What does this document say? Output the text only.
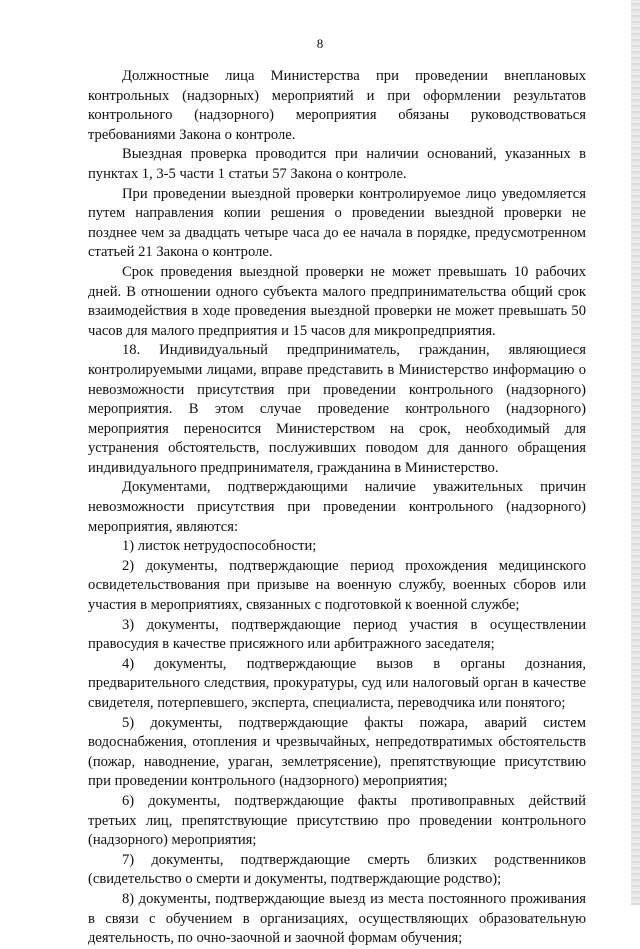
8

Должностные лица Министерства при проведении внеплановых контрольных (надзорных) мероприятий и при оформлении результатов контрольного (надзорного) мероприятия обязаны руководствоваться требованиями Закона о контроле.

Выездная проверка проводится при наличии оснований, указанных в пунктах 1, 3-5 части 1 статьи 57 Закона о контроле.

При проведении выездной проверки контролируемое лицо уведомляется путем направления копии решения о проведении выездной проверки не позднее чем за двадцать четыре часа до ее начала в порядке, предусмотренном статьей 21 Закона о контроле.

Срок проведения выездной проверки не может превышать 10 рабочих дней. В отношении одного субъекта малого предпринимательства общий срок взаимодействия в ходе проведения выездной проверки не может превышать 50 часов для малого предприятия и 15 часов для микропредприятия.

18. Индивидуальный предприниматель, гражданин, являющиеся контролируемыми лицами, вправе представить в Министерство информацию о невозможности присутствия при проведении контрольного (надзорного) мероприятия. В этом случае проведение контрольного (надзорного) мероприятия переносится Министерством на срок, необходимый для устранения обстоятельств, послуживших поводом для данного обращения индивидуального предпринимателя, гражданина в Министерство.

Документами, подтверждающими наличие уважительных причин невозможности присутствия при проведении контрольного (надзорного) мероприятия, являются:

1) листок нетрудоспособности;

2) документы, подтверждающие период прохождения медицинского освидетельствования при призыве на военную службу, военных сборов или участия в мероприятиях, связанных с подготовкой к военной службе;

3) документы, подтверждающие период участия в осуществлении правосудия в качестве присяжного или арбитражного заседателя;

4) документы, подтверждающие вызов в органы дознания, предварительного следствия, прокуратуры, суд или налоговый орган в качестве свидетеля, потерпевшего, эксперта, специалиста, переводчика или понятого;

5) документы, подтверждающие факты пожара, аварий систем водоснабжения, отопления и чрезвычайных, непредотвратимых обстоятельств (пожар, наводнение, ураган, землетрясение), препятствующие присутствию при проведении контрольного (надзорного) мероприятия;

6) документы, подтверждающие факты противоправных действий третьих лиц, препятствующие присутствию про проведении контрольного (надзорного) мероприятия;

7) документы, подтверждающие смерть близких родственников (свидетельство о смерти и документы, подтверждающие родство);

8) документы, подтверждающие выезд из места постоянного проживания в связи с обучением в организациях, осуществляющих образовательную деятельность, по очно-заочной и заочной формам обучения;
